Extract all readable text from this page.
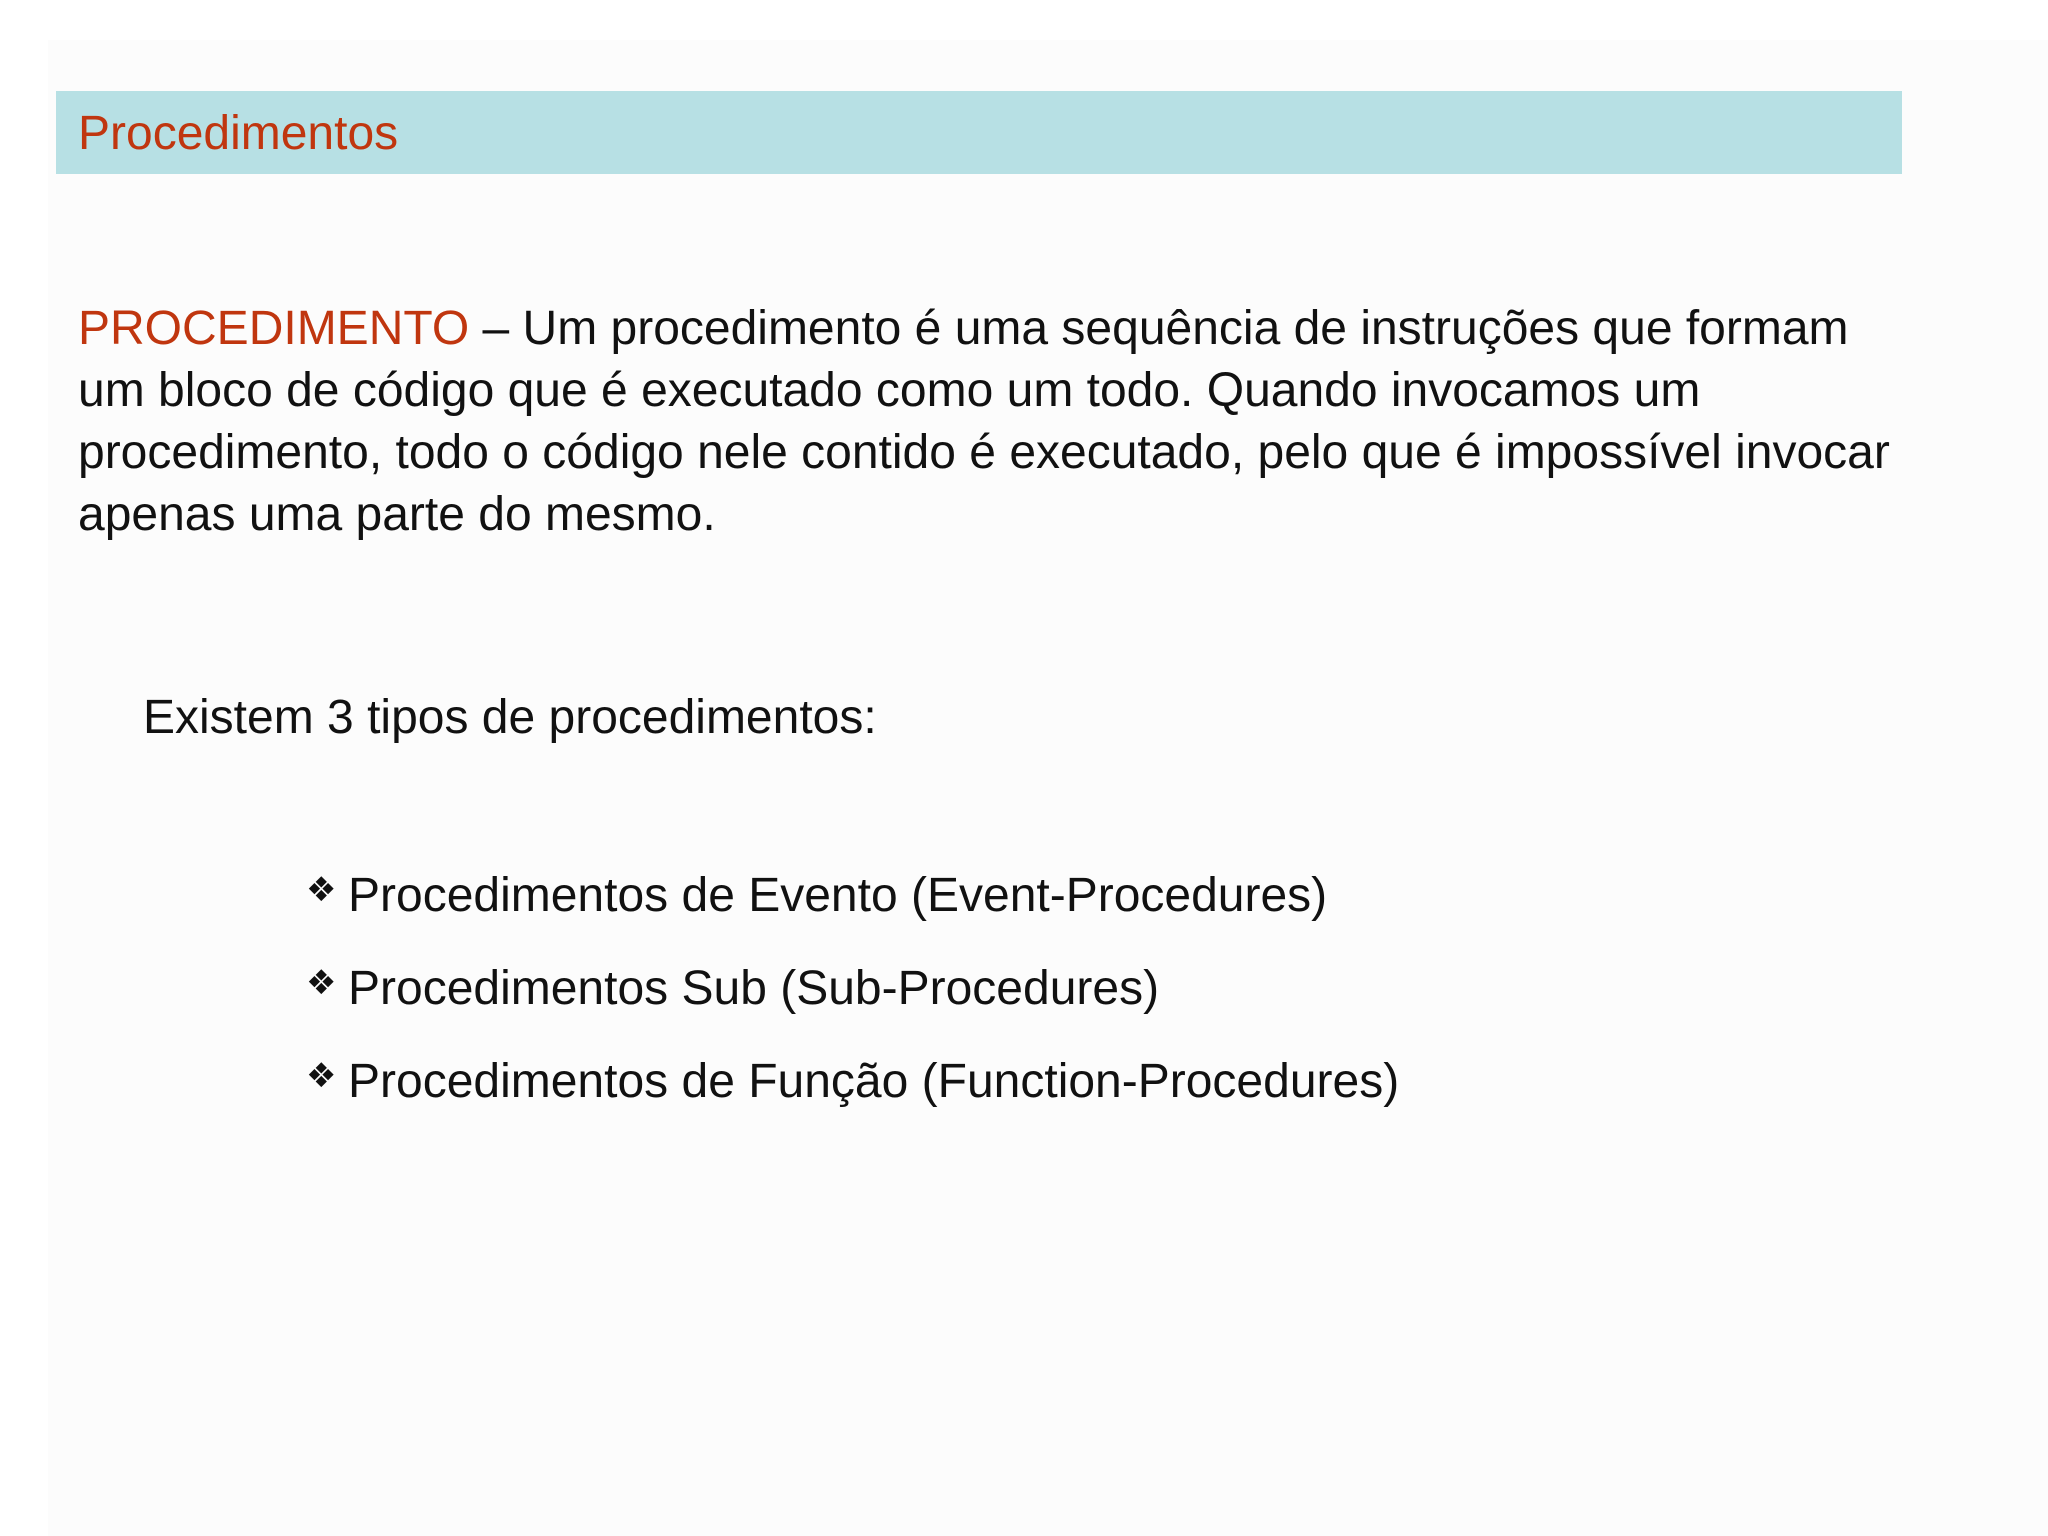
Procedimentos
PROCEDIMENTO – Um procedimento é uma sequência de instruções que formam um bloco de código que é executado como um todo. Quando invocamos um procedimento, todo o código nele contido é executado, pelo que é impossível invocar apenas uma parte do mesmo.
Existem 3 tipos de procedimentos:
❖ Procedimentos de Evento (Event-Procedures)
❖ Procedimentos Sub (Sub-Procedures)
❖ Procedimentos de Função (Function-Procedures)
